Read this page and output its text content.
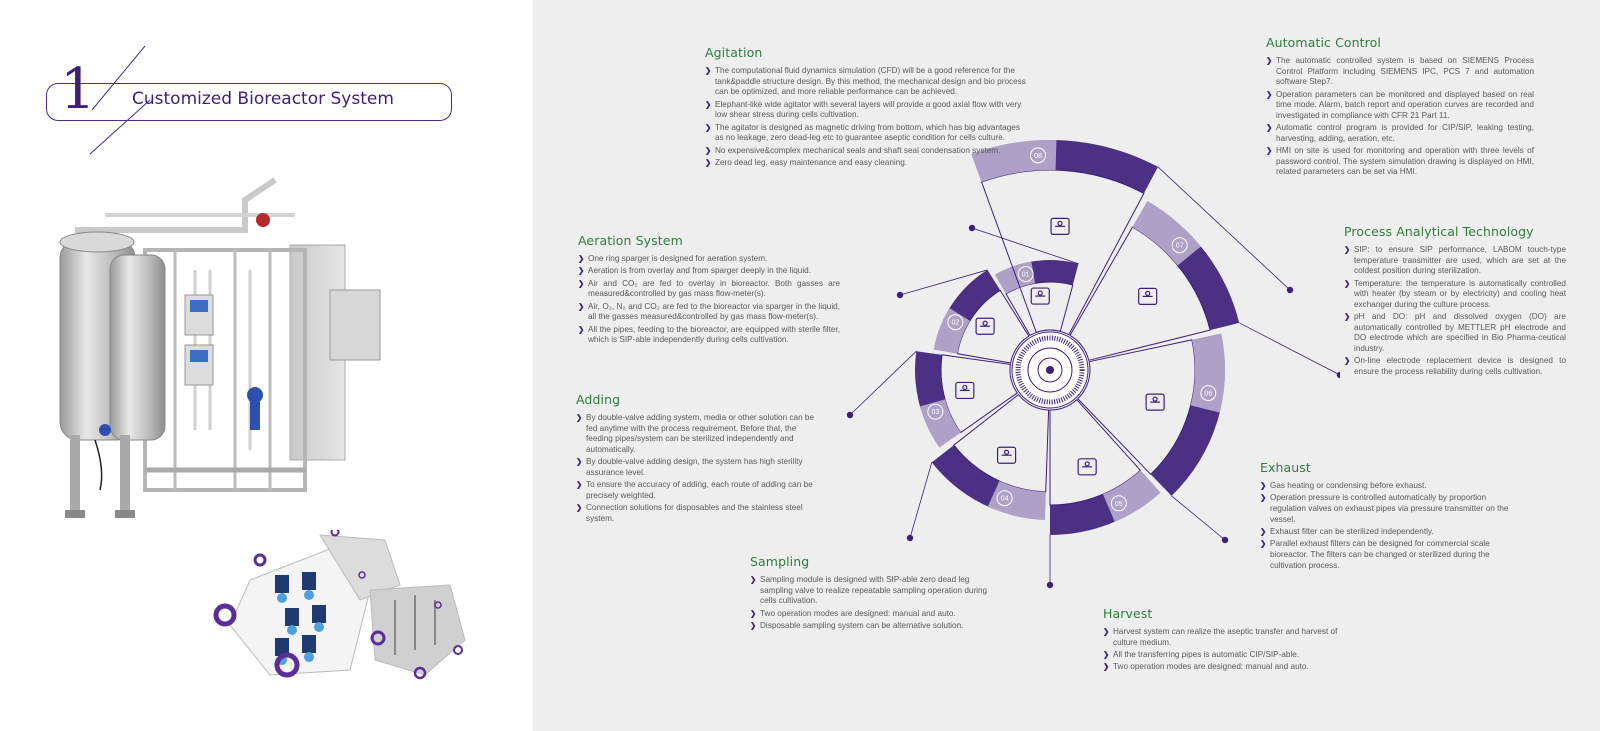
1 Customized Bioreactor System
01
02
03
04
05
06
07
08
Agitation
❯ The computational fluid dynamics simulation (CFD) will be a good reference for the tank&paddle structure design. By this method, the mechanical design and bio process can be optimized, and more reliable performance can be achieved.
❯ Elephant-like wide agitator with several layers will provide a good axial flow with very low shear stress during cells cultivation.
❯ The agitator is designed as magnetic driving from bottom, which has big advantages as no leakage, zero dead-leg etc to guarantee aseptic condition for cells culture.
❯ No expensive&complex mechanical seals and shaft seal condensation system.
❯ Zero dead leg, easy maintenance and easy cleaning.
Aeration System
❯ One ring sparger is designed for aeration system.
❯ Aeration is from overlay and from sparger deeply in the liquid.
❯ Air and CO₂ are fed to overlay in bioreactor. Both gasses are measured&controlled by gas mass flow-meter(s).
❯ Air, O₂, N₂ and CO₂ are fed to the bioreactor via sparger in the liquid, all the gasses measured&controlled by gas mass flow-meter(s).
❯ All the pipes, feeding to the bioreactor, are equipped with sterile filter, which is SIP-able independently during cells cultivation.
Adding
❯ By double-valve adding system, media or other solution can be fed anytime with the process requirement. Before that, the feeding pipes/system can be sterilized independently and automatically.
❯ By double-valve adding design, the system has high sterility assurance level.
❯ To ensure the accuracy of adding, each route of adding can be precisely weighted.
❯ Connection solutions for disposables and the stainless steel system.
Sampling
❯ Sampling module is designed with SIP-able zero dead leg sampling valve to realize repeatable sampling operation during cells cultivation.
❯ Two operation modes are designed: manual and auto.
❯ Disposable sampling system can be alternative solution.
Harvest
❯ Harvest system can realize the aseptic transfer and harvest of culture medium.
❯ All the transferring pipes is automatic CIP/SIP-able.
❯ Two operation modes are designed: manual and auto.
Exhaust
❯ Gas heating or condensing before exhaust.
❯ Operation pressure is controlled automatically by proportion regulation valves on exhaust pipes via pressure transmitter on the vessel.
❯ Exhaust filter can be sterilized independently.
❯ Parallel exhaust filters can be designed for commercial scale bioreactor. The filters can be changed or sterilized during the cultivation process.
Process Analytical Technology
❯ SIP: to ensure SIP performance, LABOM touch-type temperature transmitter are used, which are set at the coldest position during sterilization.
❯ Temperature: the temperature is automatically controlled with heater (by steam or by electricity) and cooling heat exchanger during the culture process.
❯ pH and DO: pH and dissolved oxygen (DO) are automatically controlled by METTLER pH electrode and DO electrode which are specified in Bio Pharma-ceutical industry.
❯ On-line electrode replacement device is designed to ensure the process reliability during cells cultivation.
Automatic Control
❯ The automatic controlled system is based on SIEMENS Process Control Platform including SIEMENS IPC, PCS 7 and automation software Step7.
❯ Operation parameters can be monitored and displayed based on real time mode. Alarm, batch report and operation curves are recorded and investigated in compliance with CFR 21 Part 11.
❯ Automatic control program is provided for CIP/SIP, leaking testing, harvesting, adding, aeration, etc.
❯ HMI on site is used for monitoring and operation with three levels of password control. The system simulation drawing is displayed on HMI, related parameters can be set via HMI.
